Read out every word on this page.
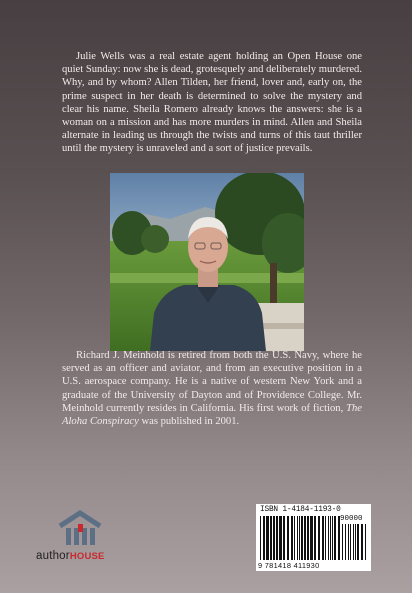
Julie Wells was a real estate agent holding an Open House one quiet Sunday: now she is dead, grotesquely and deliberately murdered. Why, and by whom? Allen Tilden, her friend, lover and, early on, the prime suspect in her death is determined to solve the mystery and clear his name. Sheila Romero already knows the answers: she is a woman on a mission and has more murders in mind. Allen and Sheila alternate in leading us through the twists and turns of this taut thriller until the mystery is unraveled and a sort of justice prevails.

Richard J. Meinhold is retired from both the U.S. Navy, where he served as an officer and aviator, and from an executive position in a U.S. aerospace company. He is a native of western New York and a graduate of the University of Dayton and of Providence College. Mr. Meinhold currently resides in California. His first work of fiction, The Aloha Conspiracy was published in 2001.

authorHOUSE
ISBN 1-4184-1193-0
90000
9 781418 411930
